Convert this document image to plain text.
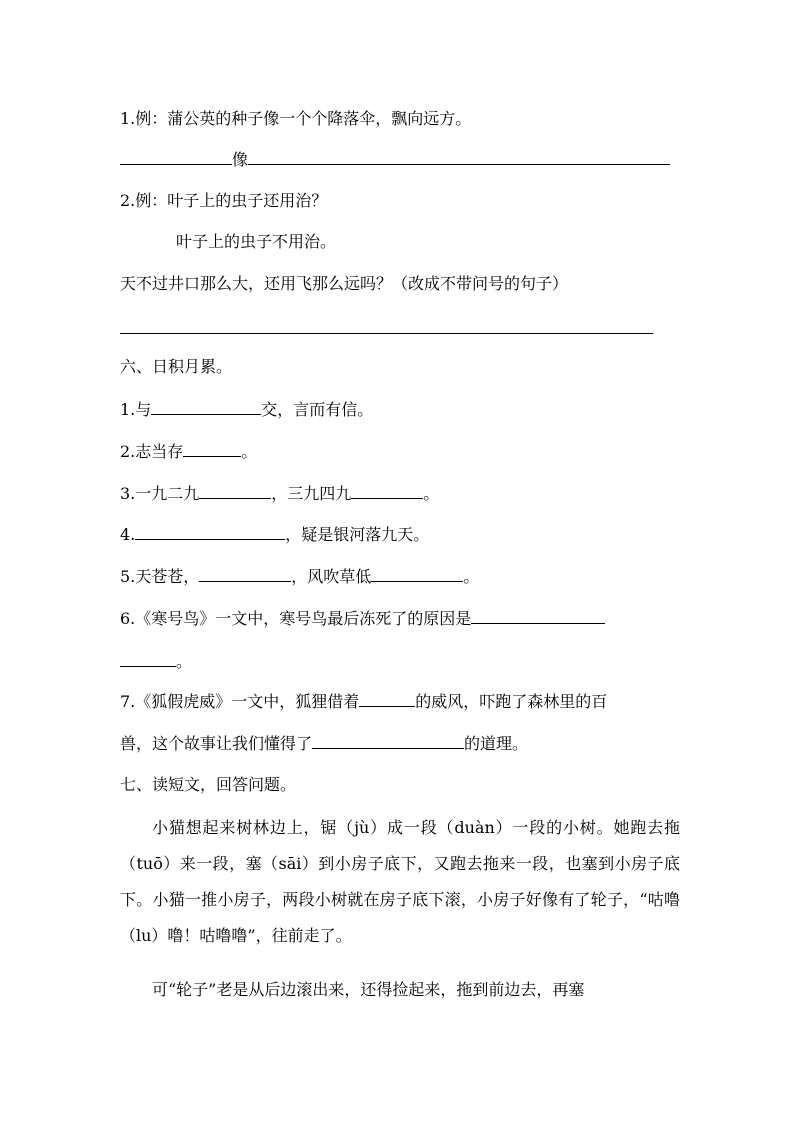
1.例：蒲公英的种子像一个个降落伞，飘向远方。
像
2.例：叶子上的虫子还用治？
叶子上的虫子不用治。
天不过井口那么大，还用飞那么远吗？（改成不带问号的句子）
六、日积月累。
1.与	交，言而有信。
2.志当存	。
3.一九二九	，三九四九	。
4.	，疑是银河落九天。
5.天苍苍，	，风吹草低	。
6.《寒号鸟》一文中，寒号鸟最后冻死了的原因是
。
7.《狐假虎威》一文中，狐狸借着	的威风，吓跑了森林里的百
兽，这个故事让我们懂得了	的道理。
七、读短文，回答问题。
小猫想起来树林边上，锯（jù）成一段（duàn）一段的小树。她跑去拖（tuō）来一段，塞（sāi）到小房子底下，又跑去拖来一段，也塞到小房子底下。小猫一推小房子，两段小树就在房子底下滚，小房子好像有了轮子，“咕噜（lu）噜！咕噜噜”，往前走了。
可“轮子”老是从后边滚出来，还得捡起来，拖到前边去，再塞
